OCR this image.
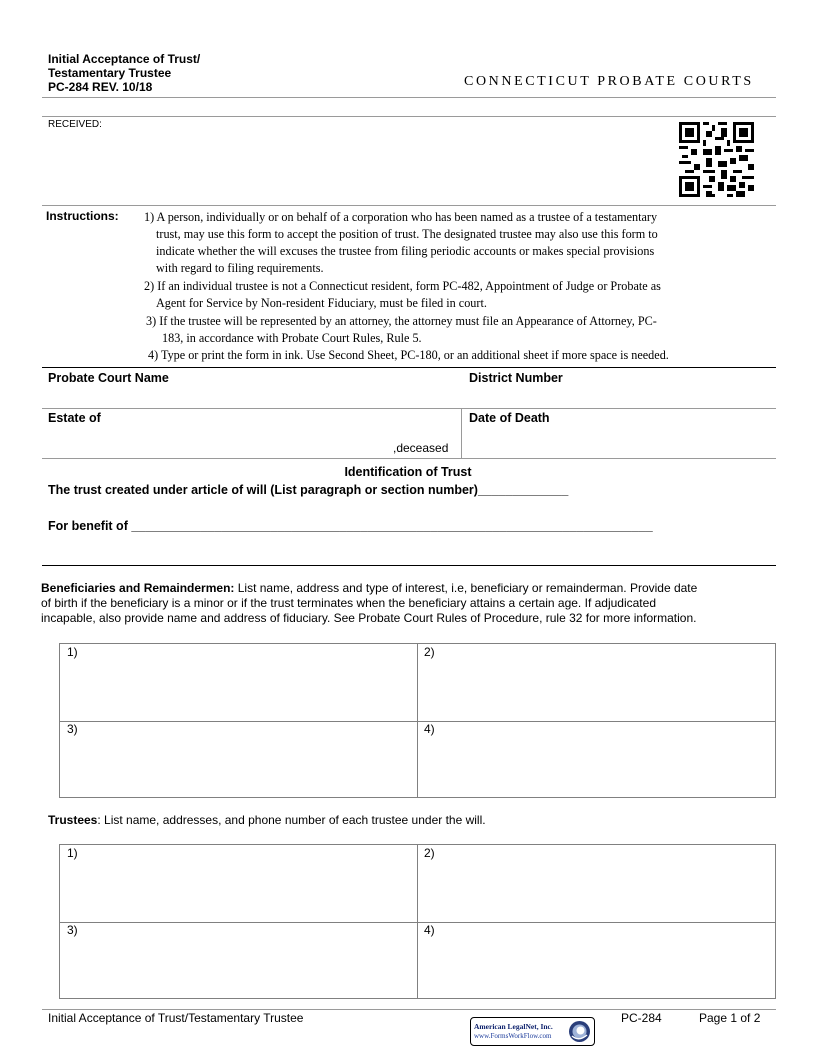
Initial Acceptance of Trust/
Testamentary Trustee
PC-284 REV. 10/18	CONNECTICUT PROBATE COURTS
RECEIVED:
Instructions: 1) A person, individually or on behalf of a corporation who has been named as a trustee of a testamentary
trust, may use this form to accept the position of trust. The designated trustee may also use this form to
indicate whether the will excuses the trustee from filing periodic accounts or makes special provisions
with regard to filing requirements.
2) If an individual trustee is not a Connecticut resident, form PC-482, Appointment of Judge or Probate as
Agent for Service by Non-resident Fiduciary, must be filed in court.
3) If the trustee will be represented by an attorney, the attorney must file an Appearance of Attorney, PC-
183, in accordance with Probate Court Rules, Rule 5.
4) Type or print the form in ink. Use Second Sheet, PC-180, or an additional sheet if more space is needed.
Probate Court Name	District Number
Estate of
,deceased
Date of Death
Identification of Trust
The trust created under article of will (List paragraph or section number)_____________
For benefit of ___________________________________________________________________________
Beneficiaries and Remaindermen: List name, address and type of interest, i.e, beneficiary or remainderman. Provide date
of birth if the beneficiary is a minor or if the trust terminates when the beneficiary attains a certain age. If adjudicated
incapable, also provide name and address of fiduciary. See Probate Court Rules of Procedure, rule 32 for more information.
1)	2)
3)	4)
Trustees: List name, addresses, and phone number of each trustee under the will.
1)	2)
3)	4)
Initial Acceptance of Trust/Testamentary Trustee
American LegalNet, Inc.
www.FormsWorkFlow.com
PC-284	Page 1 of 2
